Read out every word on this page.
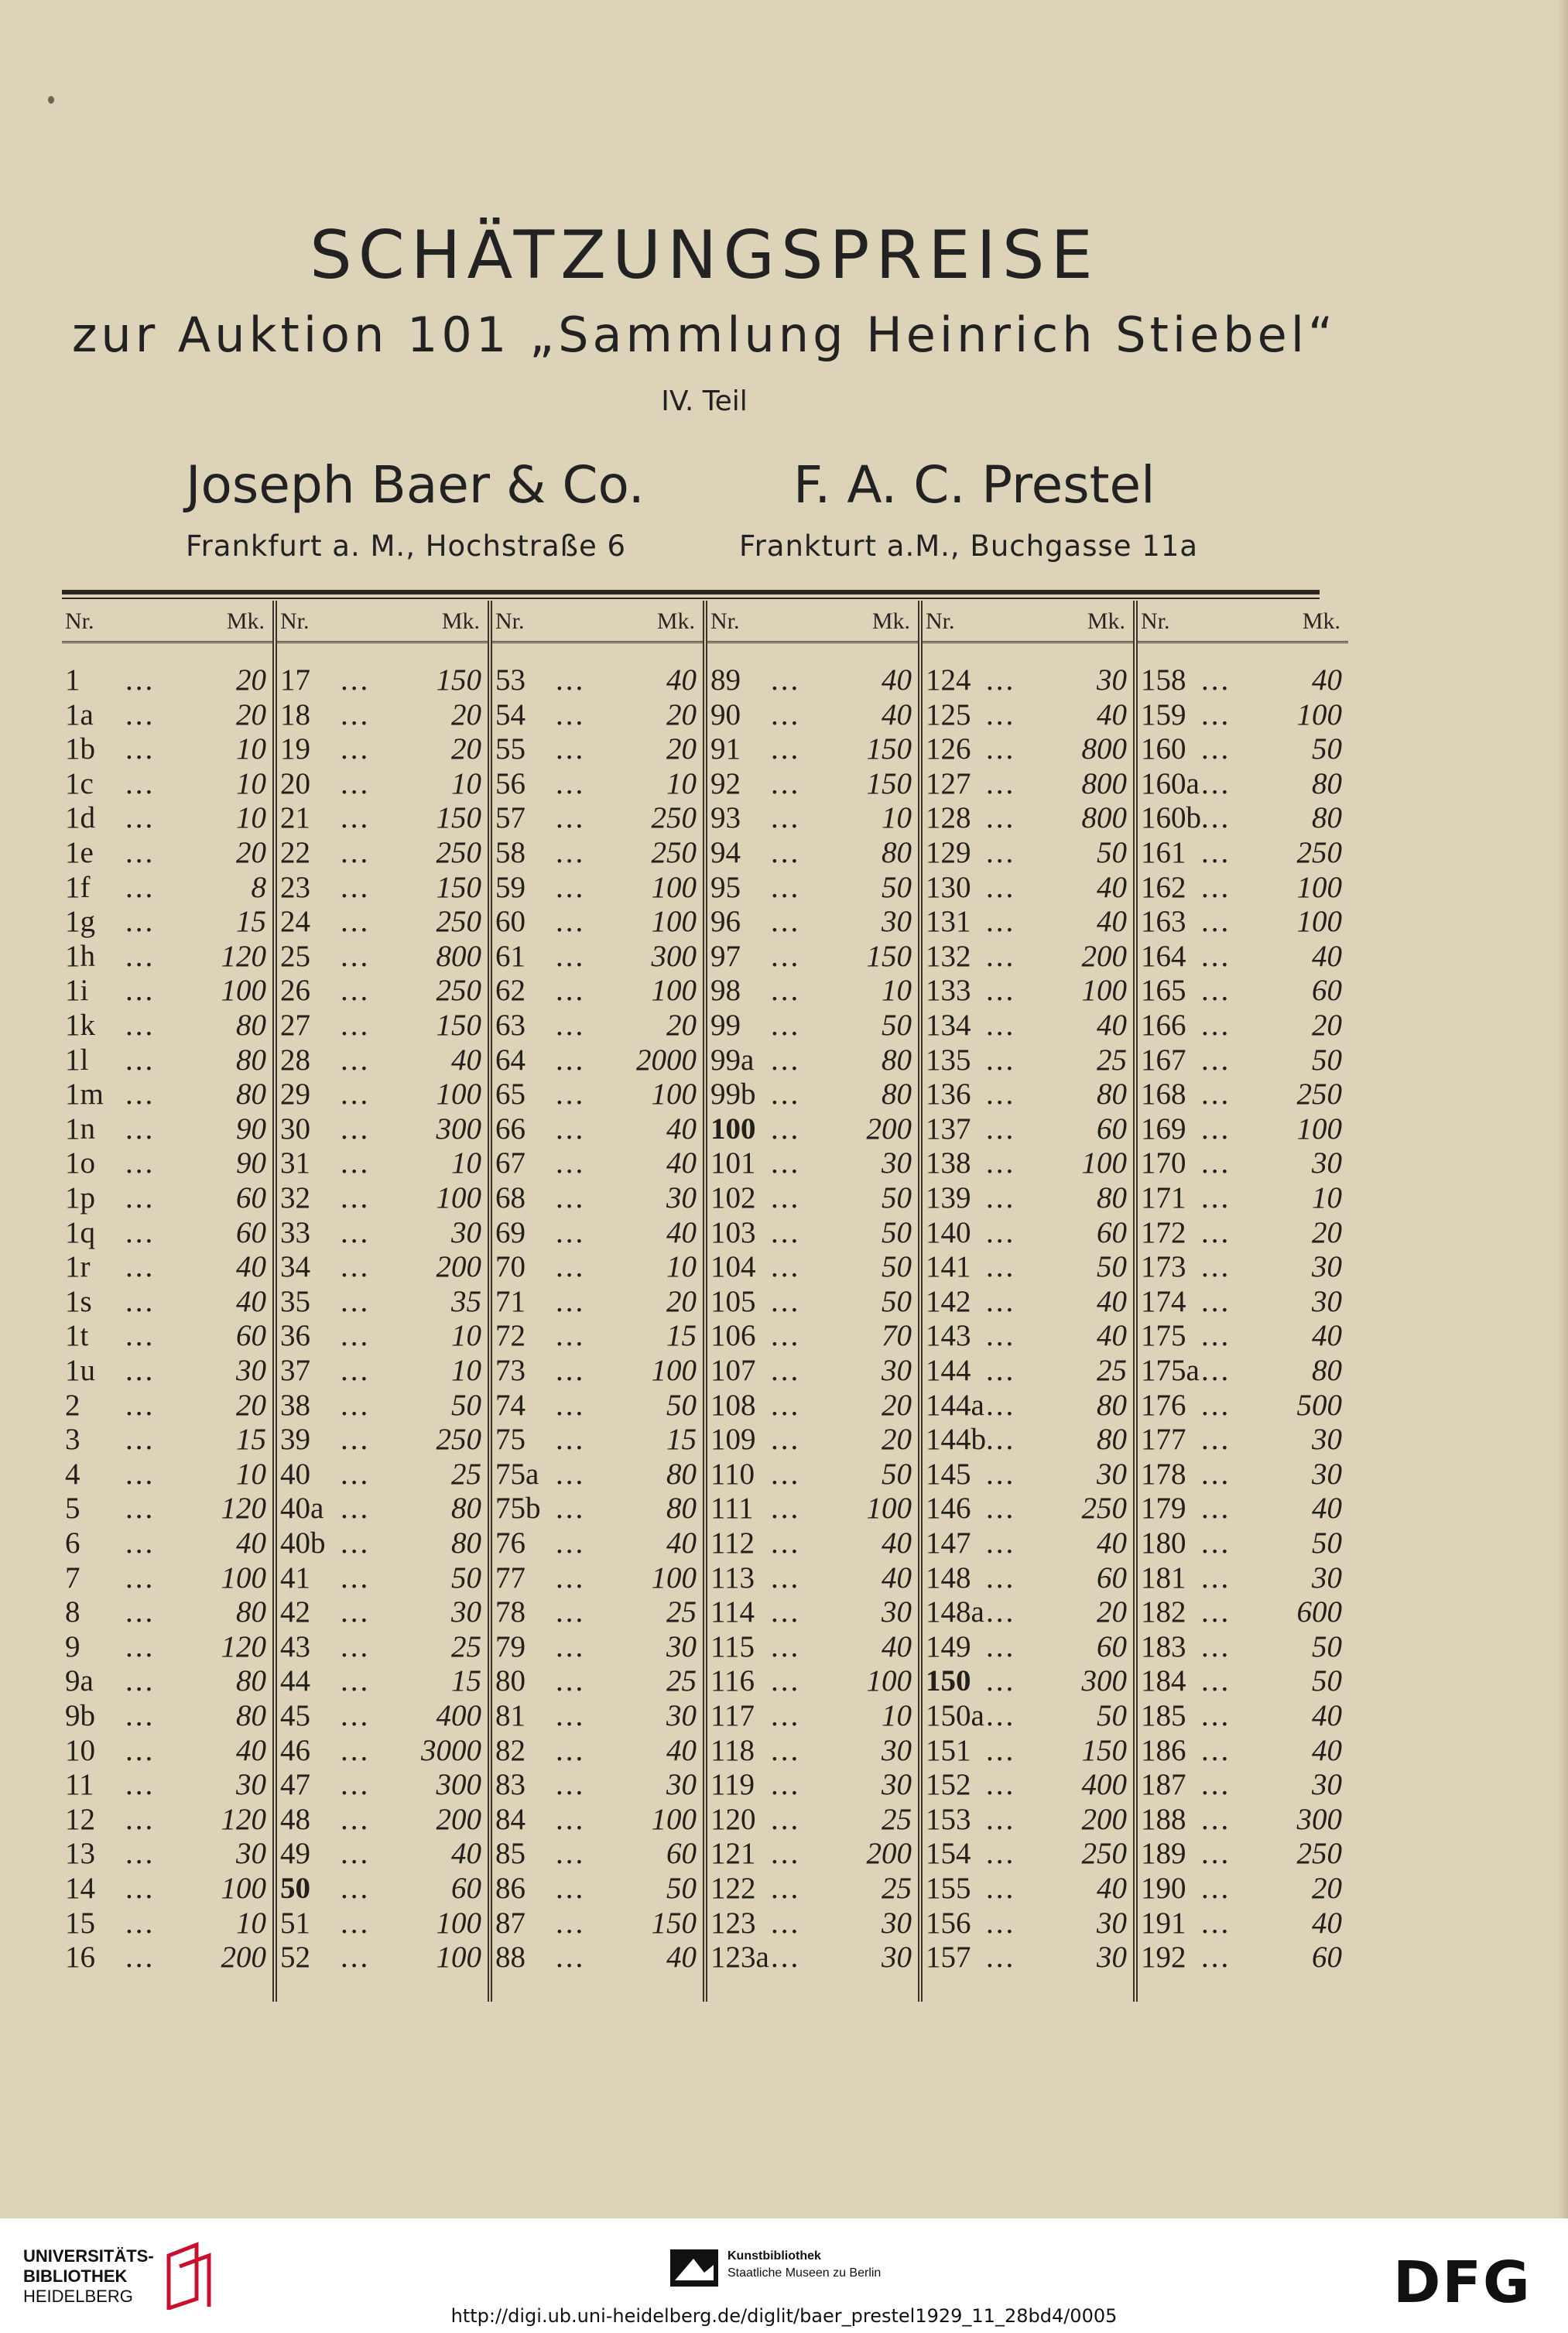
SCHÄTZUNGSPREISE
zur Auktion 101 „Sammlung Heinrich Stiebel“
IV. Teil
Joseph Baer & Co.
Frankfurt a. M., Hochstraße 6
F. A. C. Prestel
Frankturt a.M., Buchgasse 11a
Nr.	Mk.
1 ...	20
1a ...	20
1b ...	10
1c ...	10
1d ...	10
1e ...	20
1f ...	8
1g ...	15
1h ... 120
1i ... 100
1k ...	80
1l ...	80
1m ...	80
1n ...	90
1o ...	90
1p ...	60
1q ...	60
1r ...	40
1s ...	40
1t ...	60
1u ...	30
2 ...	20
3 ...	15
4 ...	10
5 ... 120
6 ...	40
7 ... 100
8 ...	80
9 ... 120
9a ...	80
9b ...	80
10 ...	40
11 ...	30
12 ... 120
13 ...	30
14 ... 100
15 ...	10
16 ... 200
Nr.	Mk.
17 ... 150
18 ...	20
19 ...	20
20 ...	10
21 ... 150
22 ... 250
23 ... 150
24 ... 250
25 ... 800
26 ... 250
27 ... 150
28 ...	40
29 ... 100
30 ... 300
31 ...	10
32 ... 100
33 ...	30
34 ... 200
35 ...	35
36 ...	10
37 ...	10
38 ...	50
39 ... 250
40 ...	25
40a ...	80
40b ...	80
41 ...	50
42 ...	30
43 ...	25
44 ...	15
45 ... 400
46 ... 3000
47 ... 300
48 ... 200
49 ...	40
50 ...	60
51 ... 100
52 ... 100
Nr.	Mk.
53 ...	40
54 ...	20
55 ...	20
56 ...	10
57 ... 250
58 ... 250
59 ... 100
60 ... 100
61 ... 300
62 ... 100
63 ...	20
64 ... 2000
65 ... 100
66 ...	40
67 ...	40
68 ...	30
69 ...	40
70 ...	10
71 ...	20
72 ...	15
73 ... 100
74 ...	50
75 ...	15
75a ...	80
75b ...	80
76 ...	40
77 ... 100
78 ...	25
79 ...	30
80 ...	25
81 ...	30
82 ...	40
83 ...	30
84 ... 100
85 ...	60
86 ...	50
87 ... 150
88 ...	40
Nr.	Mk.
89 ...	40
90 ...	40
91 ... 150
92 ... 150
93 ...	10
94 ...	80
95 ...	50
96 ...	30
97 ... 150
98 ...	10
99 ...	50
99a ...	80
99b ...	80
100 ... 200
101 ...	30
102 ...	50
103 ...	50
104 ...	50
105 ...	50
106 ...	70
107 ...	30
108 ...	20
109 ...	20
110 ...	50
111 ... 100
112 ...	40
113 ...	40
114 ...	30
115 ...	40
116 ... 100
117 ...	10
118 ...	30
119 ...	30
120 ...	25
121 ... 200
122 ...	25
123 ...	30
123a ...	30
Nr.	Mk.
124 ...	30
125 ...	40
126 ... 800
127 ... 800
128 ... 800
129 ...	50
130 ...	40
131 ...	40
132 ... 200
133 ... 100
134 ...	40
135 ...	25
136 ...	80
137 ...	60
138 ... 100
139 ...	80
140 ...	60
141 ...	50
142 ...	40
143 ...	40
144 ...	25
144a ...	80
144b ...	80
145 ...	30
146 ... 250
147 ...	40
148 ...	60
148a ...	20
149 ...	60
150 ... 300
150a ...	50
151 ... 150
152 ... 400
153 ... 200
154 ... 250
155 ...	40
156 ...	30
157 ...	30
Nr.	Mk.
158 ...	40
159 ... 100
160 ...	50
160a ...	80
160b ...	80
161 ... 250
162 ... 100
163 ... 100
164 ...	40
165 ...	60
166 ...	20
167 ...	50
168 ... 250
169 ... 100
170 ...	30
171 ...	10
172 ...	20
173 ...	30
174 ...	30
175 ...	40
175a ...	80
176 ... 500
177 ...	30
178 ...	30
179 ...	40
180 ...	50
181 ...	30
182 ... 600
183 ...	50
184 ...	50
185 ...	40
186 ...	40
187 ...	30
188 ... 300
189 ... 250
190 ...	20
191 ...	40
192 ...	60
UNIVERSITÄTS-
BIBLIOTHEK
HEIDELBERG
Kunstbibliothek
Staatliche Museen zu Berlin	DFG
http://digi.ub.uni-heidelberg.de/diglit/baer_prestel1929_11_28bd4/0005
